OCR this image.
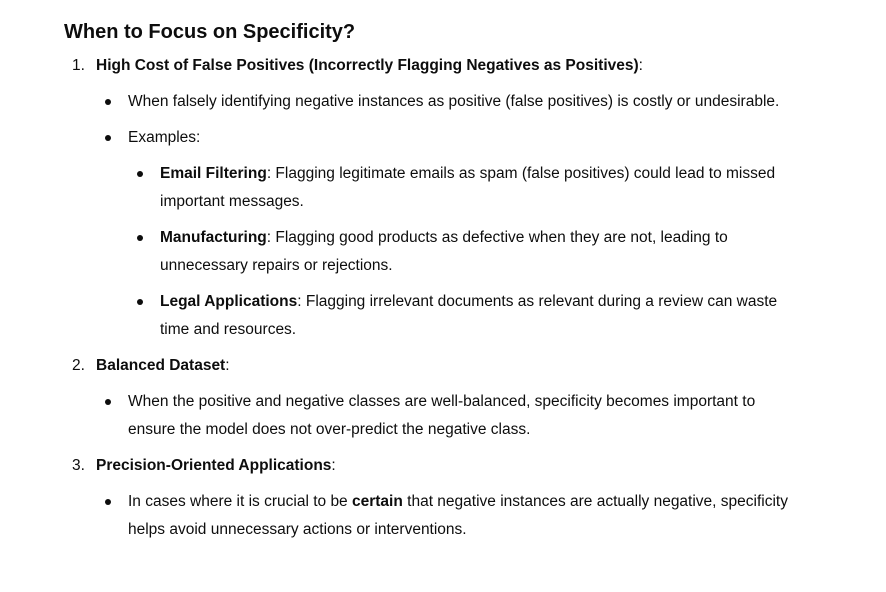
When to Focus on Specificity?
1. High Cost of False Positives (Incorrectly Flagging Negatives as Positives):
When falsely identifying negative instances as positive (false positives) is costly or undesirable.
Examples:
Email Filtering: Flagging legitimate emails as spam (false positives) could lead to missed important messages.
Manufacturing: Flagging good products as defective when they are not, leading to unnecessary repairs or rejections.
Legal Applications: Flagging irrelevant documents as relevant during a review can waste time and resources.
2. Balanced Dataset:
When the positive and negative classes are well-balanced, specificity becomes important to ensure the model does not over-predict the negative class.
3. Precision-Oriented Applications:
In cases where it is crucial to be certain that negative instances are actually negative, specificity helps avoid unnecessary actions or interventions.
